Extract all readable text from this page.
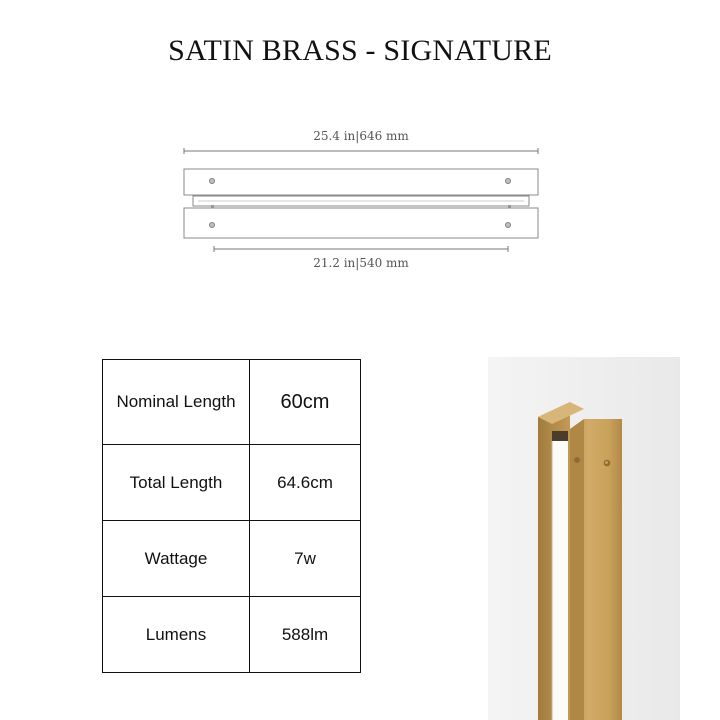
SATIN BRASS - SIGNATURE
25.4 in|646 mm
21.2 in|540 mm
Nominal Length	60cm
Total Length	64.6cm
Wattage	7w
Lumens	588lm
